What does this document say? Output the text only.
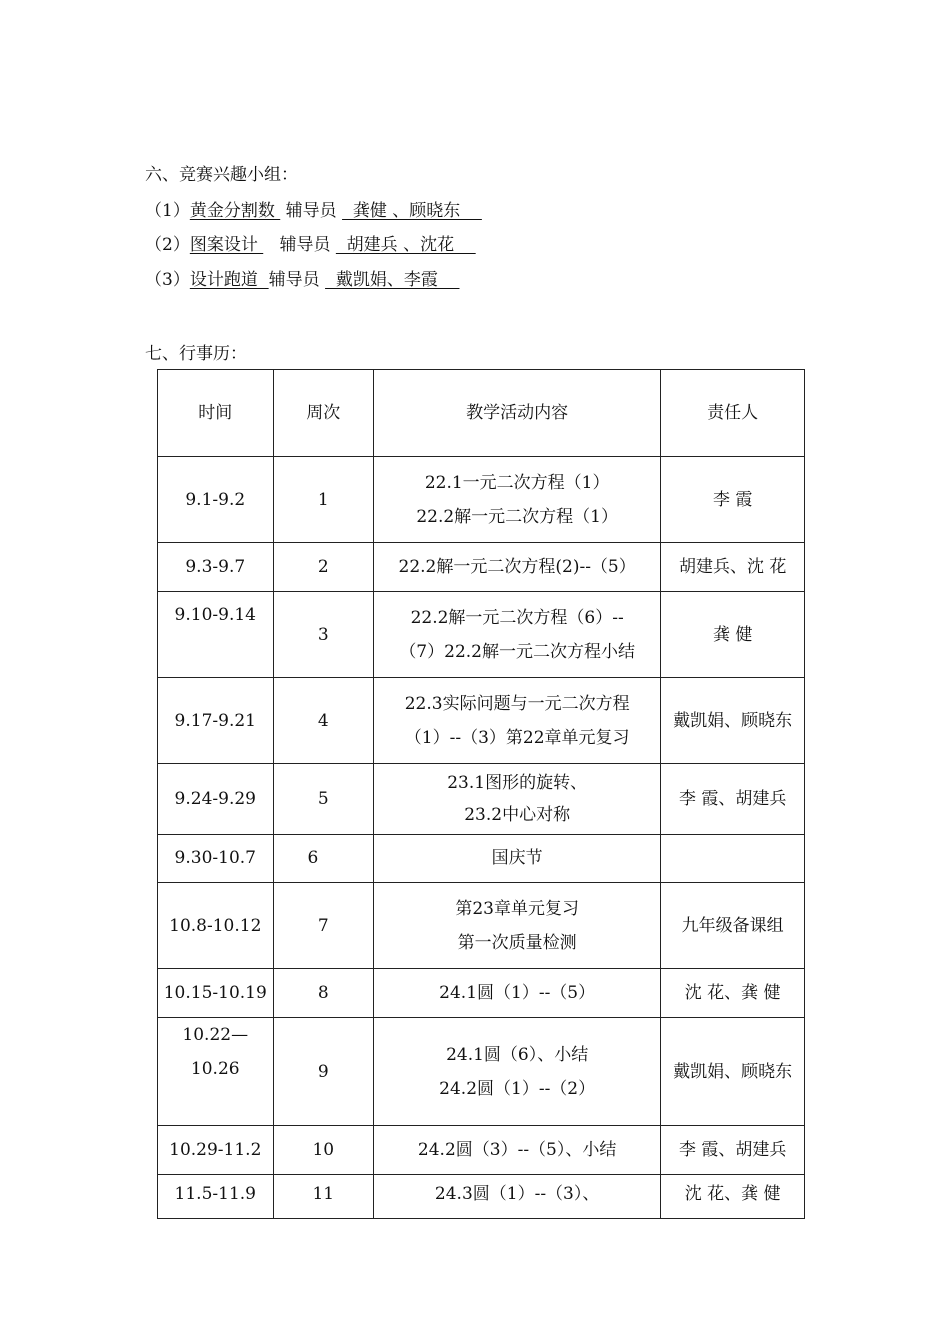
六、竞赛兴趣小组：
（1）黄金分割数  辅导员   龚健 、顾晓东
（2）图案设计    辅导员   胡建兵 、沈花
（3）设计跑道  辅导员   戴凯娟、李霞
七、行事历：
时间	周次	教学活动内容	责任人
9.1-9.2	1	22.1一元二次方程（1）
22.2解一元二次方程（1）	李 霞
9.3-9.7	2	22.2解一元二次方程(2)--（5）	胡建兵、沈 花
9.10-9.14	3	22.2解一元二次方程（6）--
（7）22.2解一元二次方程小结	龚 健
9.17-9.21	4	22.3实际问题与一元二次方程
（1）--（3）第22章单元复习	戴凯娟、顾晓东
9.24-9.29	5	23.1图形的旋转、
23.2中心对称	李 霞、胡建兵
9.30-10.7	6	国庆节	

10.8-10.12	7	第23章单元复习
第一次质量检测	九年级备课组
10.15-10.19	8	24.1圆（1）--（5）	沈 花、龚 健

10.22—
10.26	9	24.1圆（6）、小结
24.2圆（1）--（2）	戴凯娟、顾晓东
10.29-11.2	10	24.2圆（3）--（5）、小结	李 霞、胡建兵
11.5-11.9	11	24.3圆（1）--（3）、	沈 花、龚 健
